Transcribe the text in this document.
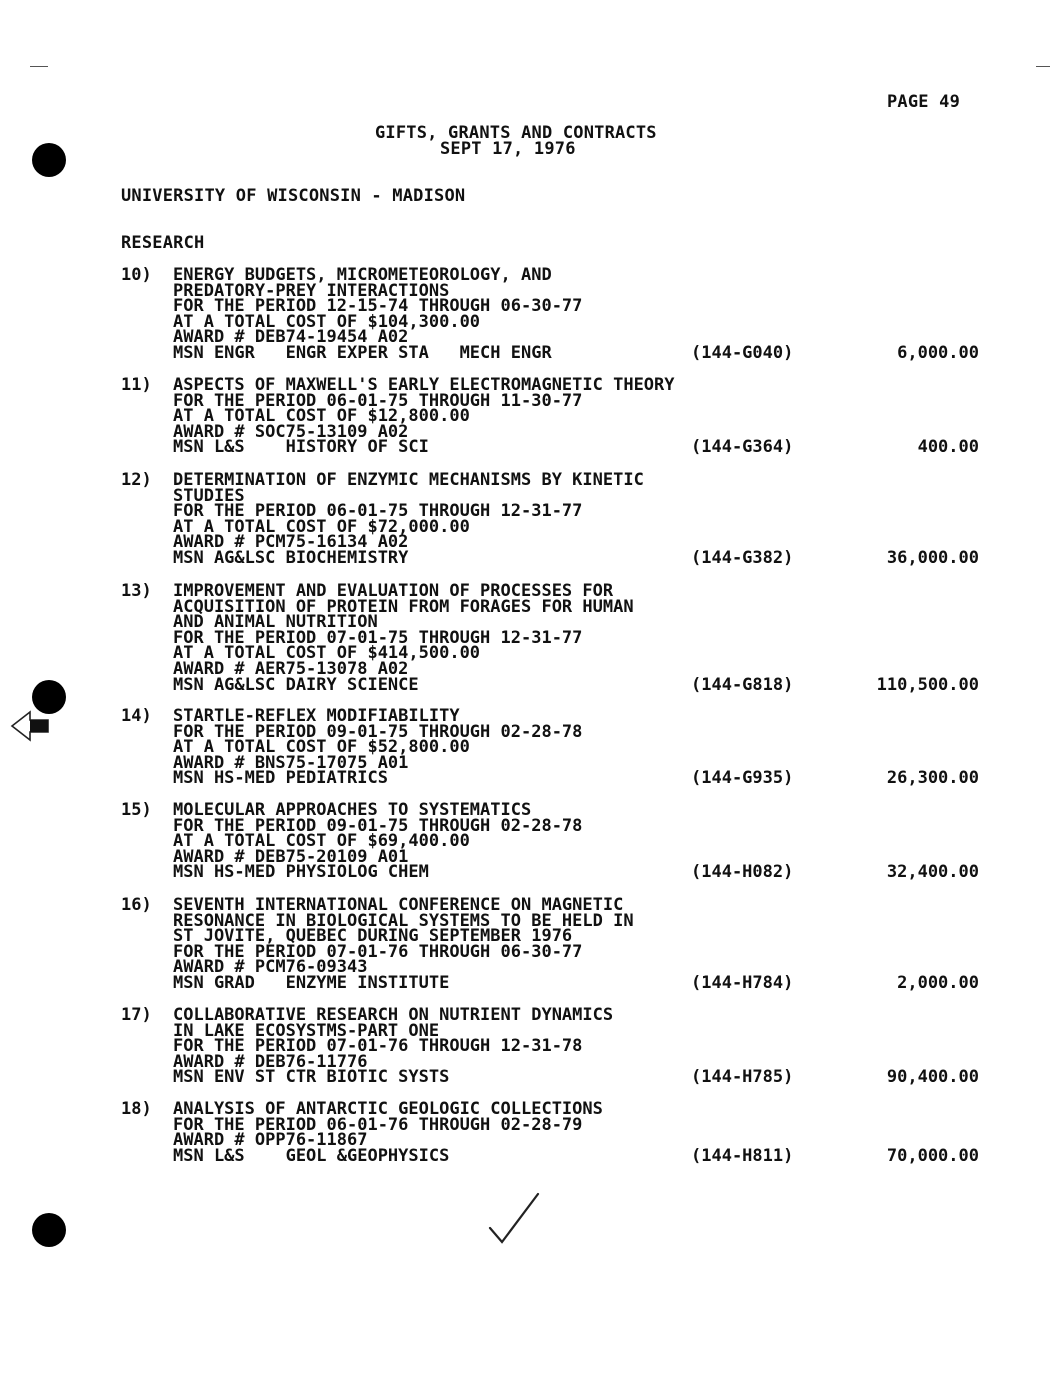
PAGE 49
GIFTS, GRANTS AND CONTRACTS
SEPT 17, 1976
UNIVERSITY OF WISCONSIN - MADISON
RESEARCH
10) ENERGY BUDGETS, MICROMETEOROLOGY, AND
PREDATORY-PREY INTERACTIONS
FOR THE PERIOD 12-15-74 THROUGH 06-30-77
AT A TOTAL COST OF $104,300.00
AWARD # DEB74-19454 A02
MSN ENGR   ENGR EXPER STA   MECH ENGR	(144-G040)	6,000.00
11) ASPECTS OF MAXWELL'S EARLY ELECTROMAGNETIC THEORY
FOR THE PERIOD 06-01-75 THROUGH 11-30-77
AT A TOTAL COST OF $12,800.00
AWARD # SOC75-13109 A02
MSN L&S    HISTORY OF SCI	(144-G364)	400.00
12) DETERMINATION OF ENZYMIC MECHANISMS BY KINETIC
STUDIES
FOR THE PERIOD 06-01-75 THROUGH 12-31-77
AT A TOTAL COST OF $72,000.00
AWARD # PCM75-16134 A02
MSN AG&LSC BIOCHEMISTRY	(144-G382)	36,000.00
13) IMPROVEMENT AND EVALUATION OF PROCESSES FOR
ACQUISITION OF PROTEIN FROM FORAGES FOR HUMAN
AND ANIMAL NUTRITION
FOR THE PERIOD 07-01-75 THROUGH 12-31-77
AT A TOTAL COST OF $414,500.00
AWARD # AER75-13078 A02
MSN AG&LSC DAIRY SCIENCE	(144-G818)	110,500.00
14) STARTLE-REFLEX MODIFIABILITY
FOR THE PERIOD 09-01-75 THROUGH 02-28-78
AT A TOTAL COST OF $52,800.00
AWARD # BNS75-17075 A01
MSN HS-MED PEDIATRICS	(144-G935)	26,300.00
15) MOLECULAR APPROACHES TO SYSTEMATICS
FOR THE PERIOD 09-01-75 THROUGH 02-28-78
AT A TOTAL COST OF $69,400.00
AWARD # DEB75-20109 A01
MSN HS-MED PHYSIOLOG CHEM	(144-H082)	32,400.00
16) SEVENTH INTERNATIONAL CONFERENCE ON MAGNETIC
RESONANCE IN BIOLOGICAL SYSTEMS TO BE HELD IN
ST JOVITE, QUEBEC DURING SEPTEMBER 1976
FOR THE PERIOD 07-01-76 THROUGH 06-30-77
AWARD # PCM76-09343
MSN GRAD   ENZYME INSTITUTE	(144-H784)	2,000.00
17) COLLABORATIVE RESEARCH ON NUTRIENT DYNAMICS
IN LAKE ECOSYSTMS-PART ONE
FOR THE PERIOD 07-01-76 THROUGH 12-31-78
AWARD # DEB76-11776
MSN ENV ST CTR BIOTIC SYSTS	(144-H785)	90,400.00
18) ANALYSIS OF ANTARCTIC GEOLOGIC COLLECTIONS
FOR THE PERIOD 06-01-76 THROUGH 02-28-79
AWARD # OPP76-11867
MSN L&S    GEOL &GEOPHYSICS	(144-H811)	70,000.00
